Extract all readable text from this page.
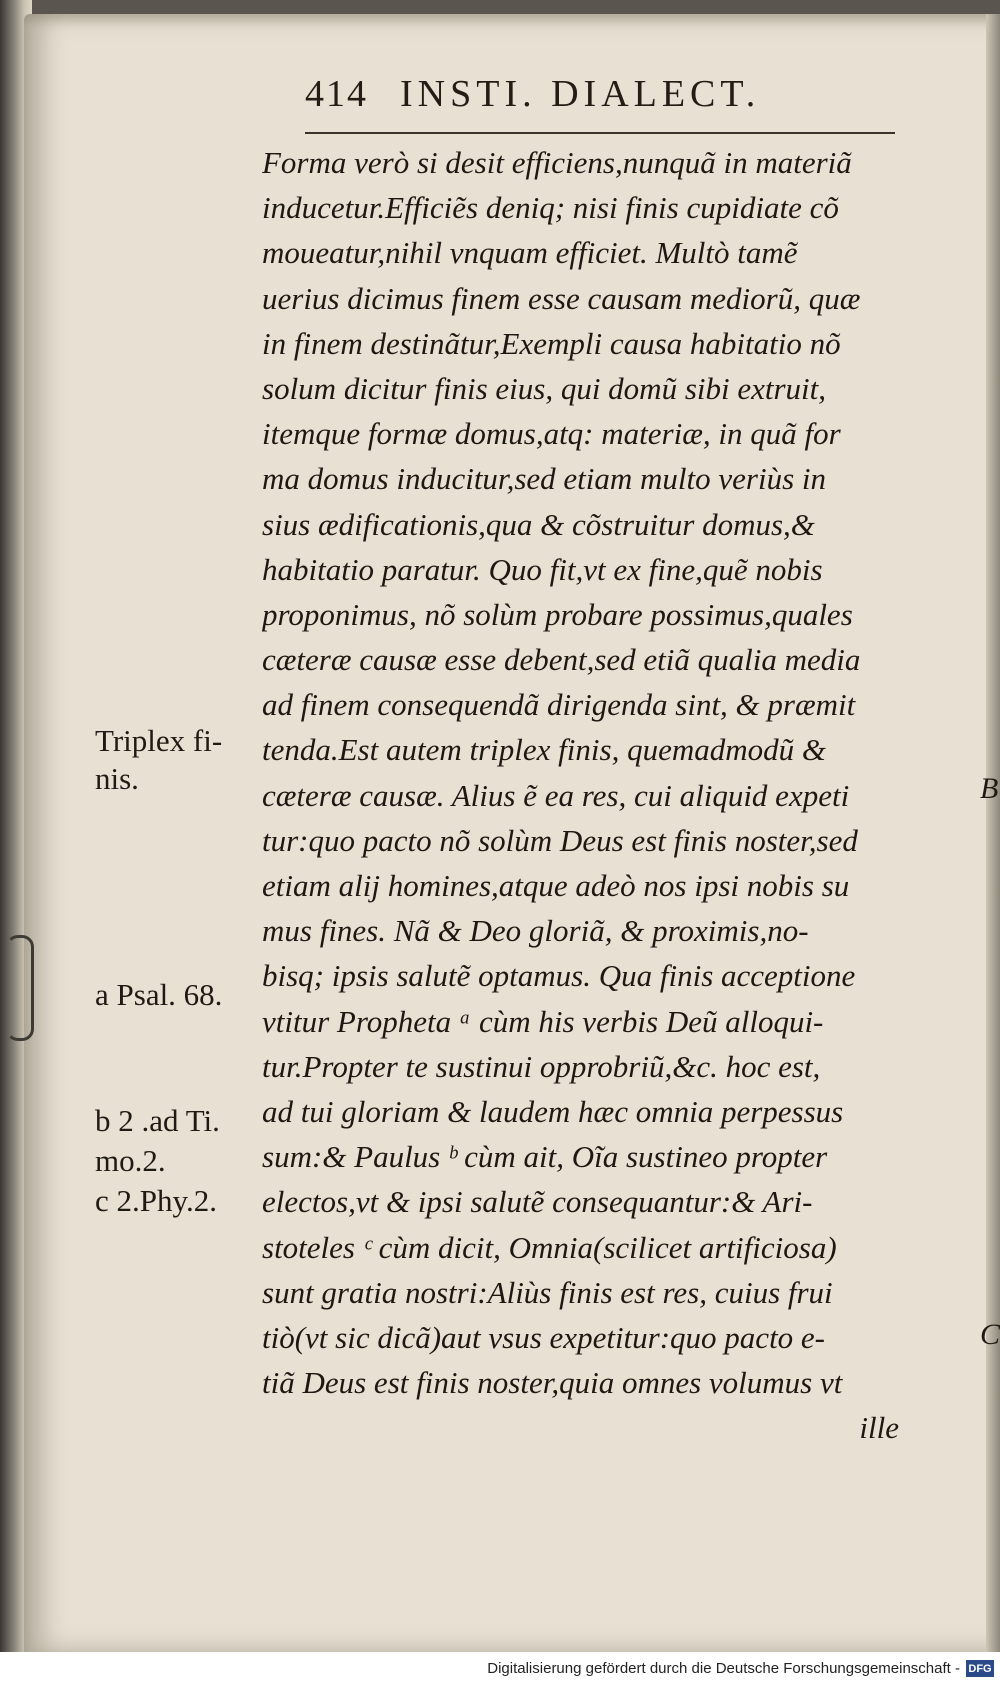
414 INSTI. DIALECT.
Forma verò si desit efficiens,nunquã in materiã
inducetur.Efficiẽs deniq; nisi finis cupidiate cõ
moueatur,nihil vnquam efficiet. Multò tamẽ
uerius dicimus finem esse causam mediorũ, quæ
in finem destinãtur,Exempli causa habitatio nõ
solum dicitur finis eius, qui domũ sibi extruit,
itemque formæ domus,atq: materiæ, in quã for
ma domus inducitur,sed etiam multo veriùs in
sius ædificationis,qua & cõstruitur domus,&
habitatio paratur. Quo fit,vt ex fine,quẽ nobis
proponimus, nõ solùm probare possimus,quales
cæteræ causæ esse debent,sed etiã qualia media
ad finem consequendã dirigenda sint, & præmit
tenda.Est autem triplex finis, quemadmodũ &
cæteræ causæ. Alius ẽ ea res, cui aliquid expeti
tur:quo pacto nõ solùm Deus est finis noster,sed
etiam alij homines,atque adeò nos ipsi nobis su
mus fines. Nã & Deo gloriã, & proximis,no-
bisq; ipsis salutẽ optamus. Qua finis acceptione
vtitur Propheta ᵃ cùm his verbis Deũ alloqui-
tur.Propter te sustinui opprobriũ,&c. hoc est,
ad tui gloriam & laudem hæc omnia perpessus
sum:& Paulus ᵇ cùm ait, Oĩa sustineo propter
electos,vt & ipsi salutẽ consequantur:& Ari-
stoteles ᶜ cùm dicit, Omnia(scilicet artificiosa)
sunt gratia nostri:Aliùs finis est res, cuius frui
tiò(vt sic dicã)aut vsus expetitur:quo pacto e-
tiã Deus est finis noster,quia omnes volumus vt
ille
Triplex fi-
nis.
a Psal. 68.
b 2 .ad Ti.
mo.2.
c 2.Phy.2.
B
C
Digitalisierung gefördert durch die Deutsche Forschungsgemeinschaft - DFG
